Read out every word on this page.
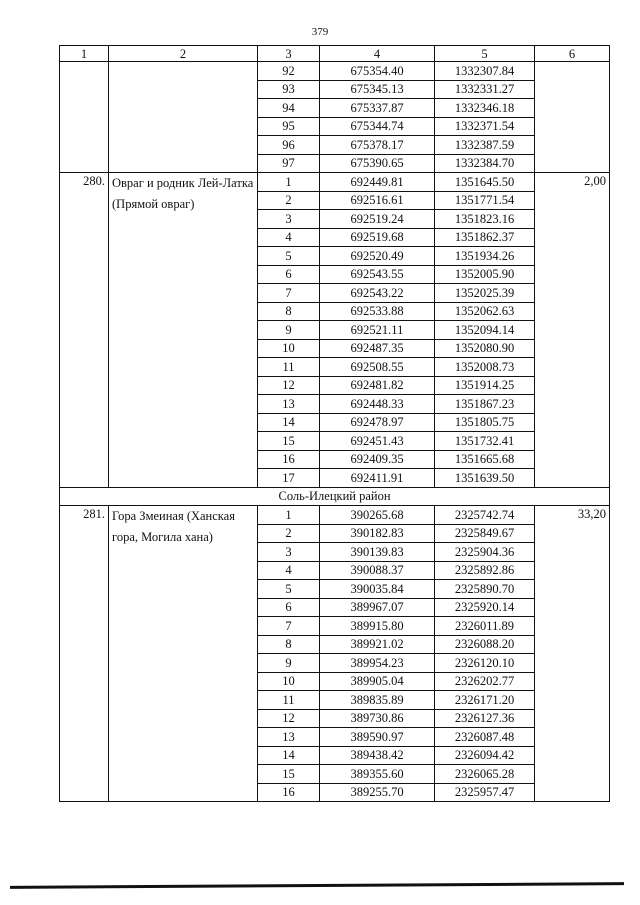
379
1	2	3	4	5	6
		92	675354.40	1332307.84	
		93	675345.13	1332331.27	
		94	675337.87	1332346.18	
		95	675344.74	1332371.54	
		96	675378.17	1332387.59	
		97	675390.65	1332384.70	
280.	Овраг и родник Лей-Латка (Прямой овраг)	1	692449.81	1351645.50	2,00
		2	692516.61	1351771.54	
		3	692519.24	1351823.16	
		4	692519.68	1351862.37	
		5	692520.49	1351934.26	
		6	692543.55	1352005.90	
		7	692543.22	1352025.39	
		8	692533.88	1352062.63	
		9	692521.11	1352094.14	
		10	692487.35	1352080.90	
		11	692508.55	1352008.73	
		12	692481.82	1351914.25	
		13	692448.33	1351867.23	
		14	692478.97	1351805.75	
		15	692451.43	1351732.41	
		16	692409.35	1351665.68	
		17	692411.91	1351639.50	
Соль-Илецкий район					
281.	Гора Змеиная (Ханская гора, Могила хана)	1	390265.68	2325742.74	33,20
		2	390182.83	2325849.67	
		3	390139.83	2325904.36	
		4	390088.37	2325892.86	
		5	390035.84	2325890.70	
		6	389967.07	2325920.14	
		7	389915.80	2326011.89	
		8	389921.02	2326088.20	
		9	389954.23	2326120.10	
		10	389905.04	2326202.77	
		11	389835.89	2326171.20	
		12	389730.86	2326127.36	
		13	389590.97	2326087.48	
		14	389438.42	2326094.42	
		15	389355.60	2326065.28	
		16	389255.70	2325957.47	
